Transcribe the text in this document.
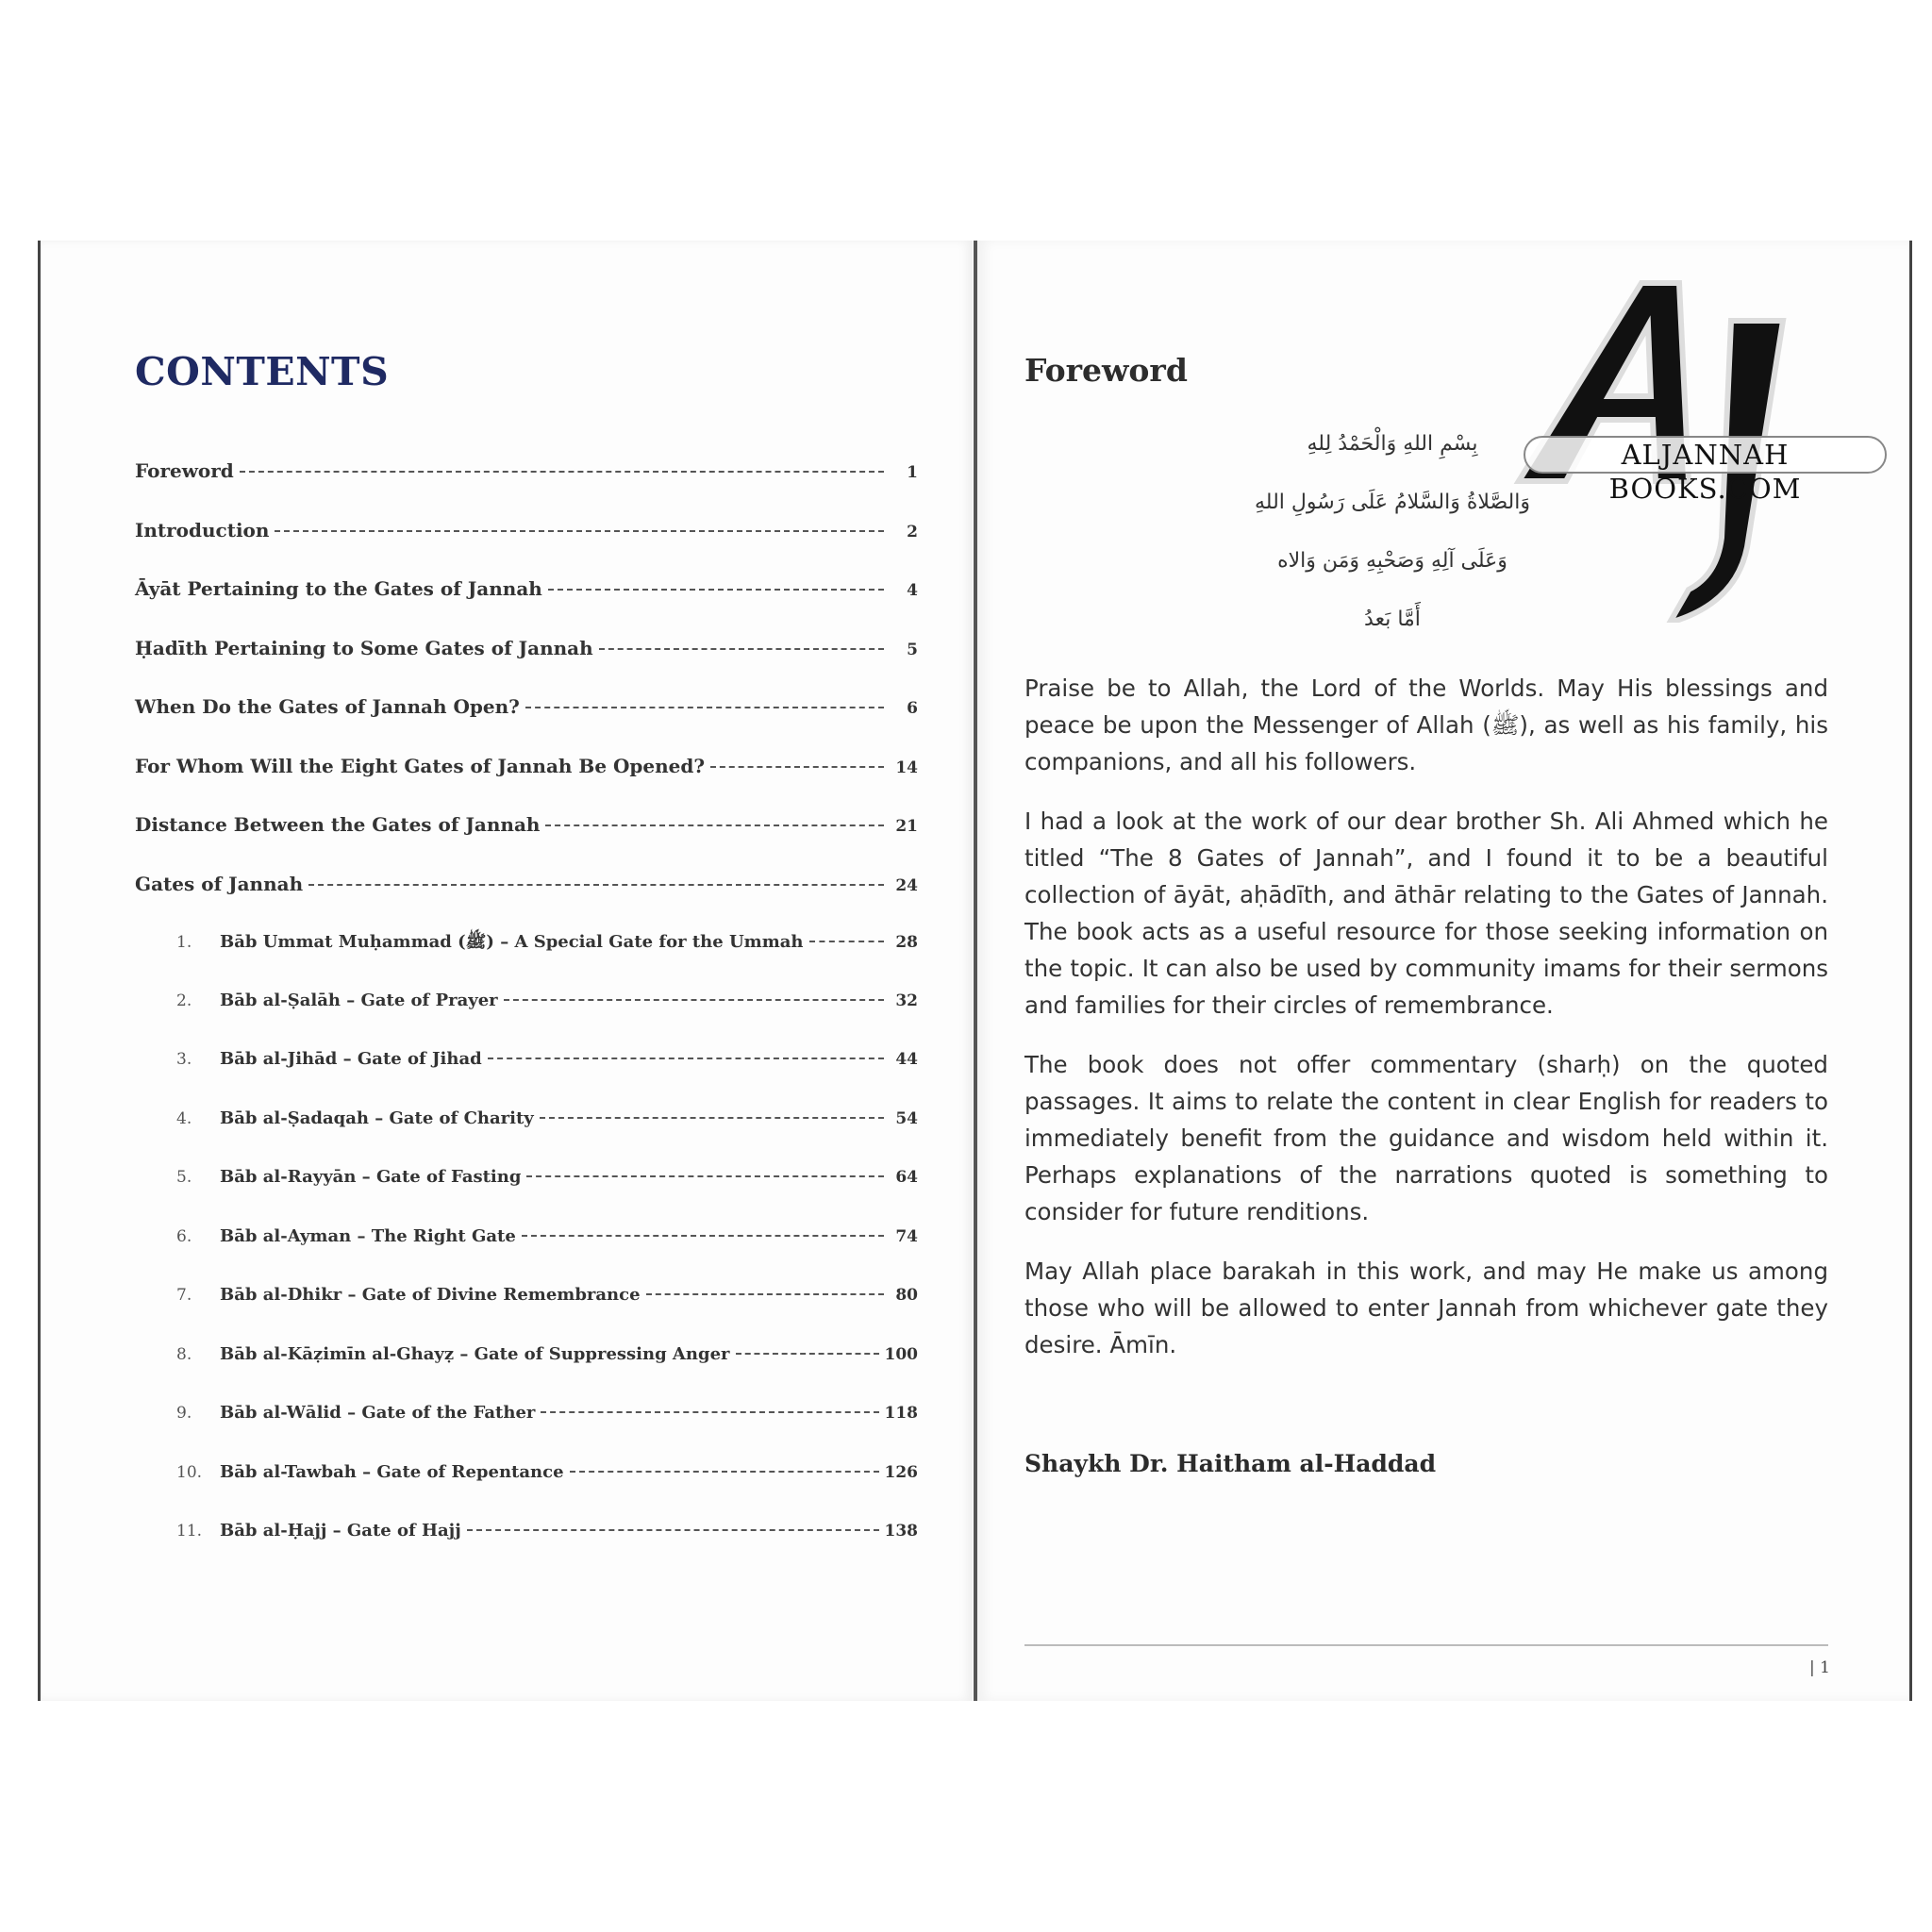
CONTENTS
Foreword	1
Introduction	2
Āyāt Pertaining to the Gates of Jannah	4
Ḥadīth Pertaining to Some Gates of Jannah	5
When Do the Gates of Jannah Open?	6
For Whom Will the Eight Gates of Jannah Be Opened?	14
Distance Between the Gates of Jannah	21
Gates of Jannah	24
1.	Bāb Ummat Muḥammad (ﷺ) – A Special Gate for the Ummah	28
2.	Bāb al-Ṣalāh – Gate of Prayer	32
3.	Bāb al-Jihād – Gate of Jihad	44
4.	Bāb al-Ṣadaqah – Gate of Charity	54
5.	Bāb al-Rayyān – Gate of Fasting	64
6.	Bāb al-Ayman – The Right Gate	74
7.	Bāb al-Dhikr – Gate of Divine Remembrance	80
8.	Bāb al-Kāẓimīn al-Ghayẓ – Gate of Suppressing Anger	100
9.	Bāb al-Wālid – Gate of the Father	118
10.	Bāb al-Tawbah – Gate of Repentance	126
11.	Bāb al-Ḥajj – Gate of Hajj	138
Foreword
بِسْمِ اللهِ وَالْحَمْدُ لِلهِ
وَالصَّلاةُ وَالسَّلامُ عَلَى رَسُولِ اللهِ
وَعَلَى آلِهِ وَصَحْبِهِ وَمَن وَالاه
أَمَّا بَعدُ

Praise be to Allah, the Lord of the Worlds. May His blessings and peace be upon the Messenger of Allah (ﷺ), as well as his family, his companions, and all his followers.

I had a look at the work of our dear brother Sh. Ali Ahmed which he titled “The 8 Gates of Jannah”, and I found it to be a beautiful collection of āyāt, aḥādīth, and āthār relating to the Gates of Jannah. The book acts as a useful resource for those seeking information on the topic. It can also be used by community imams for their sermons and families for their circles of remembrance.

The book does not offer commentary (sharḥ) on the quoted passages. It aims to relate the content in clear English for readers to immediately benefit from the guidance and wisdom held within it. Perhaps explanations of the narrations quoted is something to consider for future renditions.

May Allah place barakah in this work, and may He make us among those who will be allowed to enter Jannah from whichever gate they desire. Āmīn.

Shaykh Dr. Haitham al-Haddad
| 1
ALJANNAH BOOKS.COM
